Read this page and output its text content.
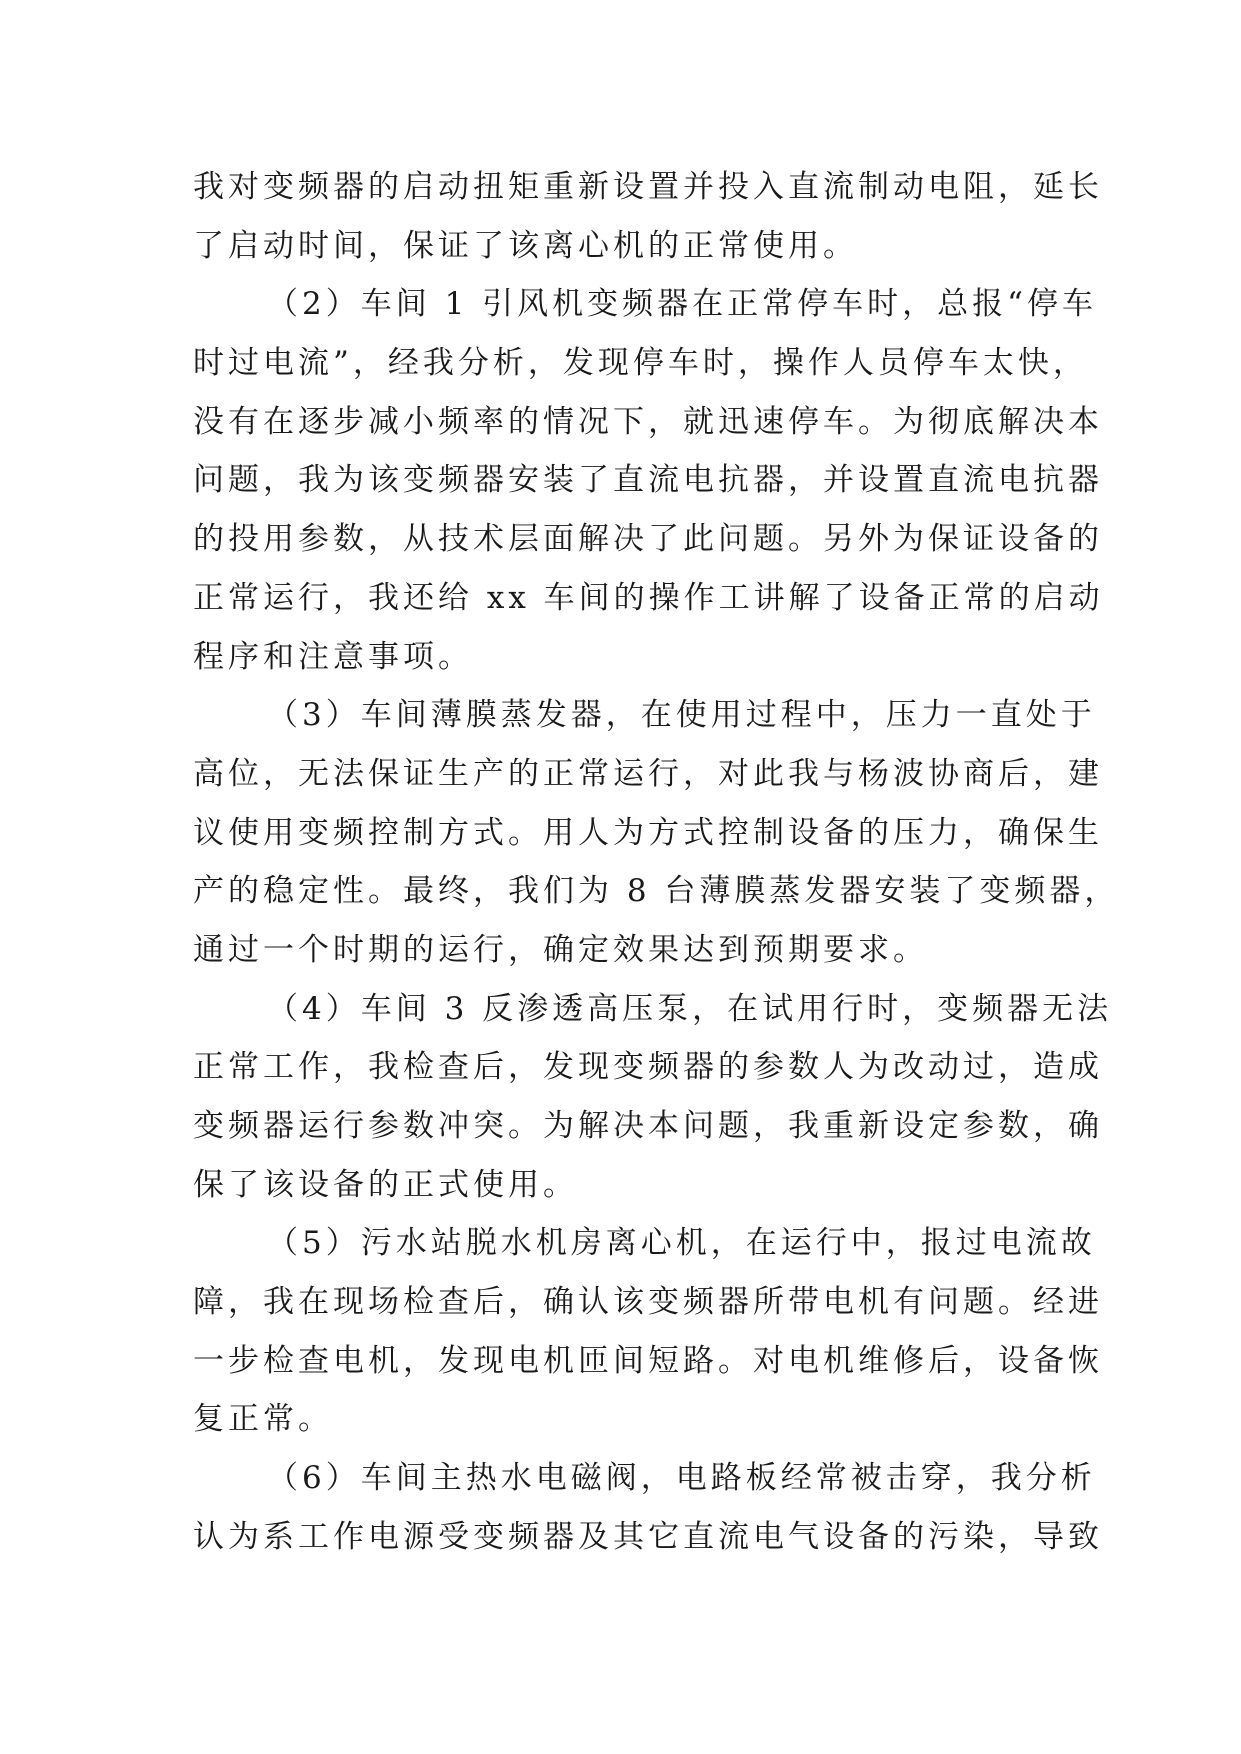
我对变频器的启动扭矩重新设置并投入直流制动电阻，延长
了启动时间，保证了该离心机的正常使用。
（2）车间 1 引风机变频器在正常停车时，总报“停车
时过电流”，经我分析，发现停车时，操作人员停车太快，
没有在逐步减小频率的情况下，就迅速停车。为彻底解决本
问题，我为该变频器安装了直流电抗器，并设置直流电抗器
的投用参数，从技术层面解决了此问题。另外为保证设备的
正常运行，我还给 xx 车间的操作工讲解了设备正常的启动
程序和注意事项。
（3）车间薄膜蒸发器，在使用过程中，压力一直处于
高位，无法保证生产的正常运行，对此我与杨波协商后，建
议使用变频控制方式。用人为方式控制设备的压力，确保生
产的稳定性。最终，我们为 8 台薄膜蒸发器安装了变频器，
通过一个时期的运行，确定效果达到预期要求。
（4）车间 3 反渗透高压泵，在试用行时，变频器无法
正常工作，我检查后，发现变频器的参数人为改动过，造成
变频器运行参数冲突。为解决本问题，我重新设定参数，确
保了该设备的正式使用。
（5）污水站脱水机房离心机，在运行中，报过电流故
障，我在现场检查后，确认该变频器所带电机有问题。经进
一步检查电机，发现电机匝间短路。对电机维修后，设备恢
复正常。
（6）车间主热水电磁阀，电路板经常被击穿，我分析
认为系工作电源受变频器及其它直流电气设备的污染，导致
